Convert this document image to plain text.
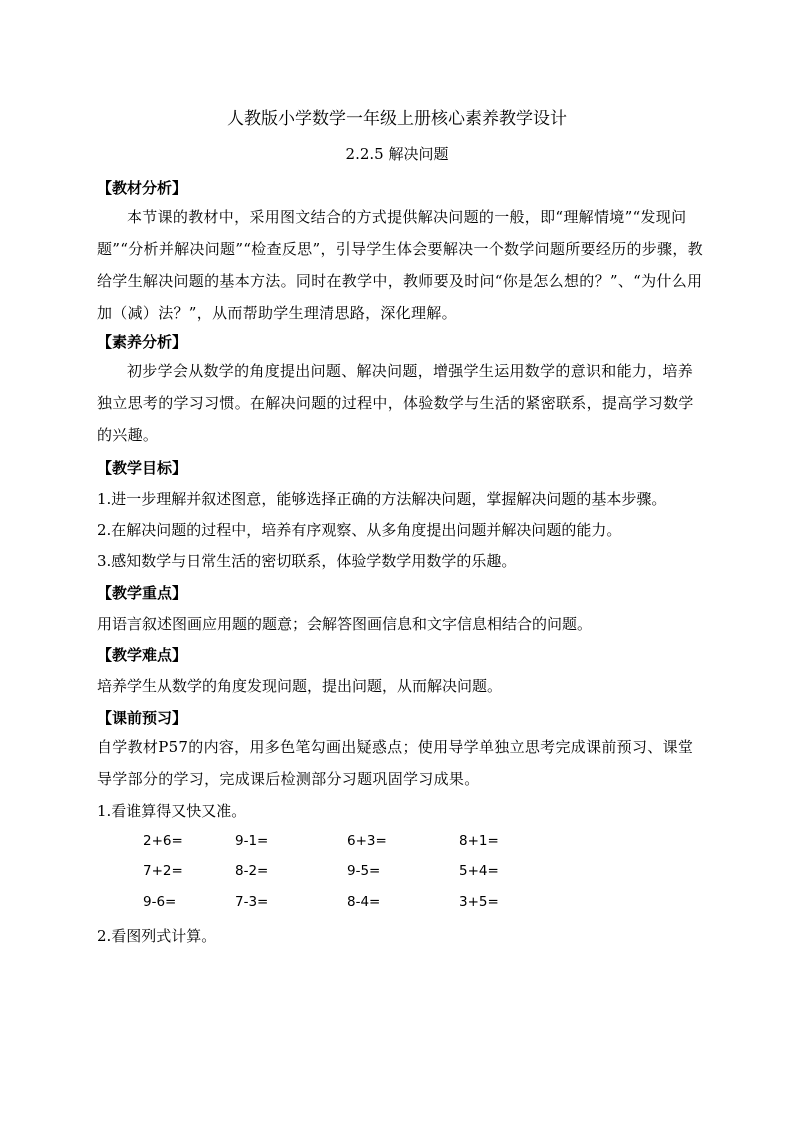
人教版小学数学一年级上册核心素养教学设计
2.2.5 解决问题
【教材分析】
本节课的教材中，采用图文结合的方式提供解决问题的一般，即“理解情境”“发现问题”“分析并解决问题”“检查反思”，引导学生体会要解决一个数学问题所要经历的步骤，教给学生解决问题的基本方法。同时在教学中，教师要及时问“你是怎么想的？”、“为什么用加（减）法？”，从而帮助学生理清思路，深化理解。
【素养分析】
初步学会从数学的角度提出问题、解决问题，增强学生运用数学的意识和能力，培养独立思考的学习习惯。在解决问题的过程中，体验数学与生活的紧密联系，提高学习数学的兴趣。
【教学目标】
1.进一步理解并叙述图意，能够选择正确的方法解决问题，掌握解决问题的基本步骤。
2.在解决问题的过程中，培养有序观察、从多角度提出问题并解决问题的能力。
3.感知数学与日常生活的密切联系，体验学数学用数学的乐趣。
【教学重点】
用语言叙述图画应用题的题意；会解答图画信息和文字信息相结合的问题。
【教学难点】
培养学生从数学的角度发现问题，提出问题，从而解决问题。
【课前预习】
自学教材P57的内容，用多色笔勾画出疑惑点；使用导学单独立思考完成课前预习、课堂导学部分的学习，完成课后检测部分习题巩固学习成果。
1.看谁算得又快又准。
2+6=	9-1=	6+3=	8+1=
7+2=	8-2=	9-5=	5+4=
9-6=	7-3=	8-4=	3+5=
2.看图列式计算。
